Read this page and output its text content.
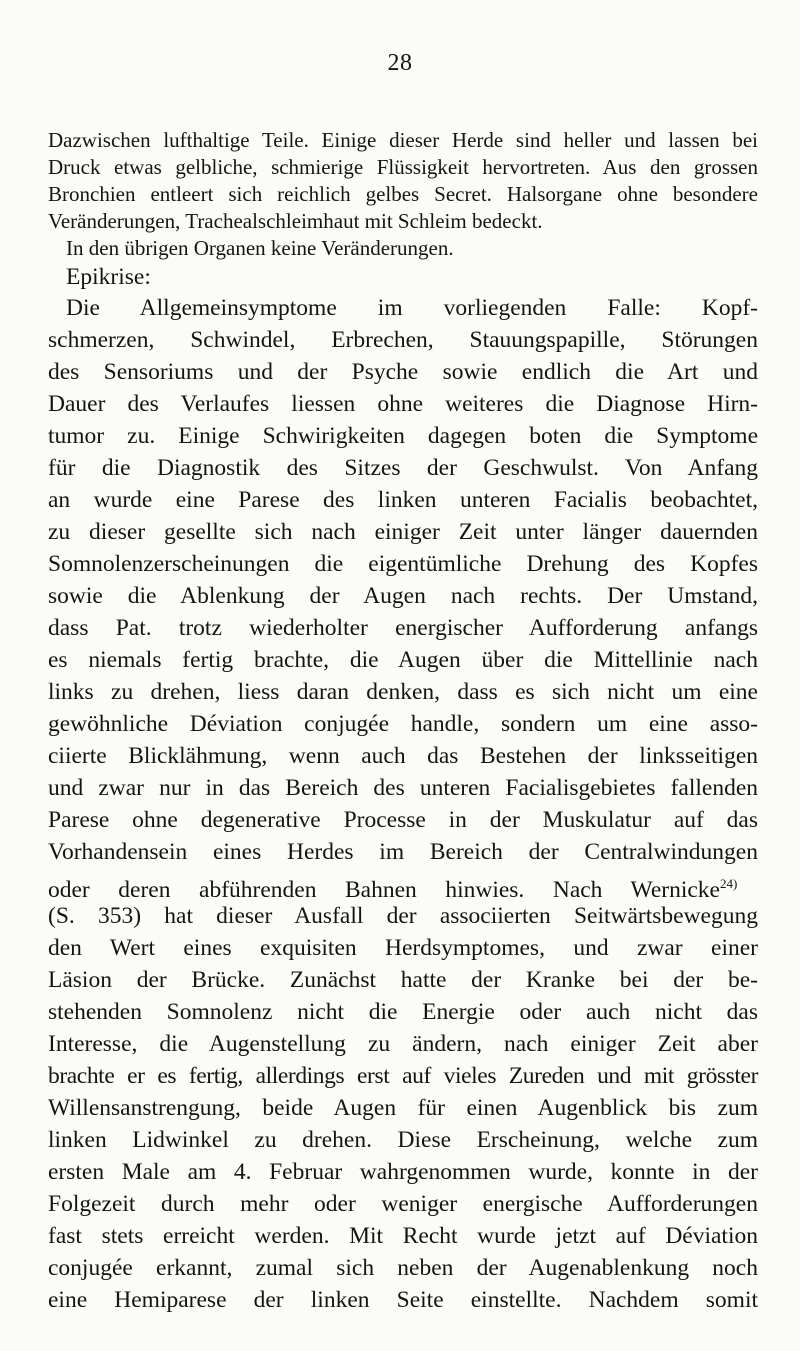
28
Dazwischen lufthaltige Teile. Einige dieser Herde sind heller und lassen bei
Druck etwas gelbliche, schmierige Flüssigkeit hervortreten. Aus den grossen
Bronchien entleert sich reichlich gelbes Secret. Halsorgane ohne besondere
Veränderungen, Trachealschleimhaut mit Schleim bedeckt.
In den übrigen Organen keine Veränderungen.
Epikrise:
Die Allgemeinsymptome im vorliegenden Falle: Kopf-
schmerzen, Schwindel, Erbrechen, Stauungspapille, Störungen
des Sensoriums und der Psyche sowie endlich die Art und
Dauer des Verlaufes liessen ohne weiteres die Diagnose Hirn-
tumor zu. Einige Schwirigkeiten dagegen boten die Symptome
für die Diagnostik des Sitzes der Geschwulst. Von Anfang
an wurde eine Parese des linken unteren Facialis beobachtet,
zu dieser gesellte sich nach einiger Zeit unter länger dauernden
Somnolenzerscheinungen die eigentümliche Drehung des Kopfes
sowie die Ablenkung der Augen nach rechts. Der Umstand,
dass Pat. trotz wiederholter energischer Aufforderung anfangs
es niemals fertig brachte, die Augen über die Mittellinie nach
links zu drehen, liess daran denken, dass es sich nicht um eine
gewöhnliche Déviation conjugée handle, sondern um eine asso-
ciierte Blicklähmung, wenn auch das Bestehen der linksseitigen
und zwar nur in das Bereich des unteren Facialisgebietes fallenden
Parese ohne degenerative Processe in der Muskulatur auf das
Vorhandensein eines Herdes im Bereich der Centralwindungen
oder deren abführenden Bahnen hinwies. Nach Wernicke$^{24)}$
(S. 353) hat dieser Ausfall der associierten Seitwärtsbewegung
den Wert eines exquisiten Herdsymptomes, und zwar einer
Läsion der Brücke. Zunächst hatte der Kranke bei der be-
stehenden Somnolenz nicht die Energie oder auch nicht das
Interesse, die Augenstellung zu ändern, nach einiger Zeit aber
brachte er es fertig, allerdings erst auf vieles Zureden und mit grösster
Willensanstrengung, beide Augen für einen Augenblick bis zum
linken Lidwinkel zu drehen. Diese Erscheinung, welche zum
ersten Male am 4. Februar wahrgenommen wurde, konnte in der
Folgezeit durch mehr oder weniger energische Aufforderungen
fast stets erreicht werden. Mit Recht wurde jetzt auf Déviation
conjugée erkannt, zumal sich neben der Augenablenkung noch
eine Hemiparese der linken Seite einstellte. Nachdem somit
